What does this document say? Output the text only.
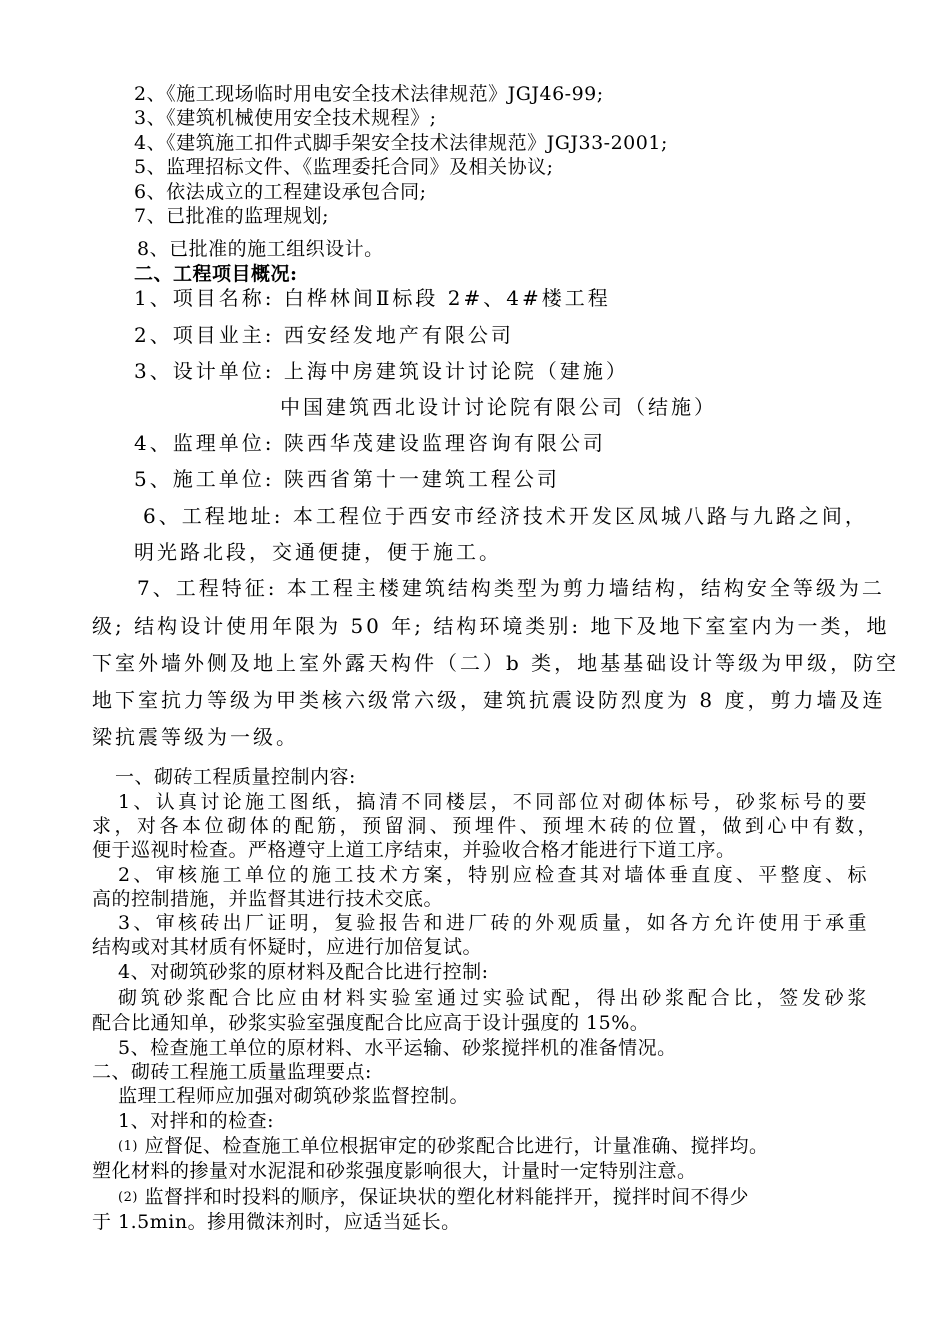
2、《施工现场临时用电安全技术法律规范》JGJ46-99;
3、《建筑机械使用安全技术规程》;
4、《建筑施工扣件式脚手架安全技术法律规范》JGJ33-2001;
5、监理招标文件、《监理委托合同》及相关协议;
6、依法成立的工程建设承包合同;
7、已批准的监理规划;
8、已批准的施工组织设计。
二、工程项目概况:
1、项目名称: 白桦林间Ⅱ标段 2#、4#楼工程
2、项目业主: 西安经发地产有限公司
3、设计单位: 上海中房建筑设计讨论院（建施）
中国建筑西北设计讨论院有限公司（结施）
4、监理单位: 陕西华茂建设监理咨询有限公司
5、施工单位: 陕西省第十一建筑工程公司
6、工程地址: 本工程位于西安市经济技术开发区凤城八路与九路之间，
明光路北段，交通便捷，便于施工。
7、工程特征: 本工程主楼建筑结构类型为剪力墙结构，结构安全等级为二
级; 结构设计使用年限为 50 年; 结构环境类别: 地下及地下室室内为一类，地
下室外墙外侧及地上室外露天构件（二）b 类，地基基础设计等级为甲级，防空
地下室抗力等级为甲类核六级常六级，建筑抗震设防烈度为 8 度，剪力墙及连
梁抗震等级为一级。
一、砌砖工程质量控制内容:
1、认真讨论施工图纸，搞清不同楼层，不同部位对砌体标号，砂浆标号的要
求，对各本位砌体的配筋，预留洞、预埋件、预埋木砖的位置，做到心中有数，
便于巡视时检查。严格遵守上道工序结束，并验收合格才能进行下道工序。
2、审核施工单位的施工技术方案，特别应检查其对墙体垂直度、平整度、标
高的控制措施，并监督其进行技术交底。
3、审核砖出厂证明，复验报告和进厂砖的外观质量，如各方允许使用于承重
结构或对其材质有怀疑时，应进行加倍复试。
4、对砌筑砂浆的原材料及配合比进行控制:
砌筑砂浆配合比应由材料实验室通过实验试配，得出砂浆配合比，签发砂浆
配合比通知单，砂浆实验室强度配合比应高于设计强度的 15%。
5、检查施工单位的原材料、水平运输、砂浆搅拌机的准备情况。
二、砌砖工程施工质量监理要点:
监理工程师应加强对砌筑砂浆监督控制。
1、对拌和的检查:
(1) 应督促、检查施工单位根据审定的砂浆配合比进行，计量准确、搅拌均。
塑化材料的掺量对水泥混和砂浆强度影响很大，计量时一定特别注意。
(2) 监督拌和时投料的顺序，保证块状的塑化材料能拌开，搅拌时间不得少
于 1.5min。掺用微沫剂时，应适当延长。
